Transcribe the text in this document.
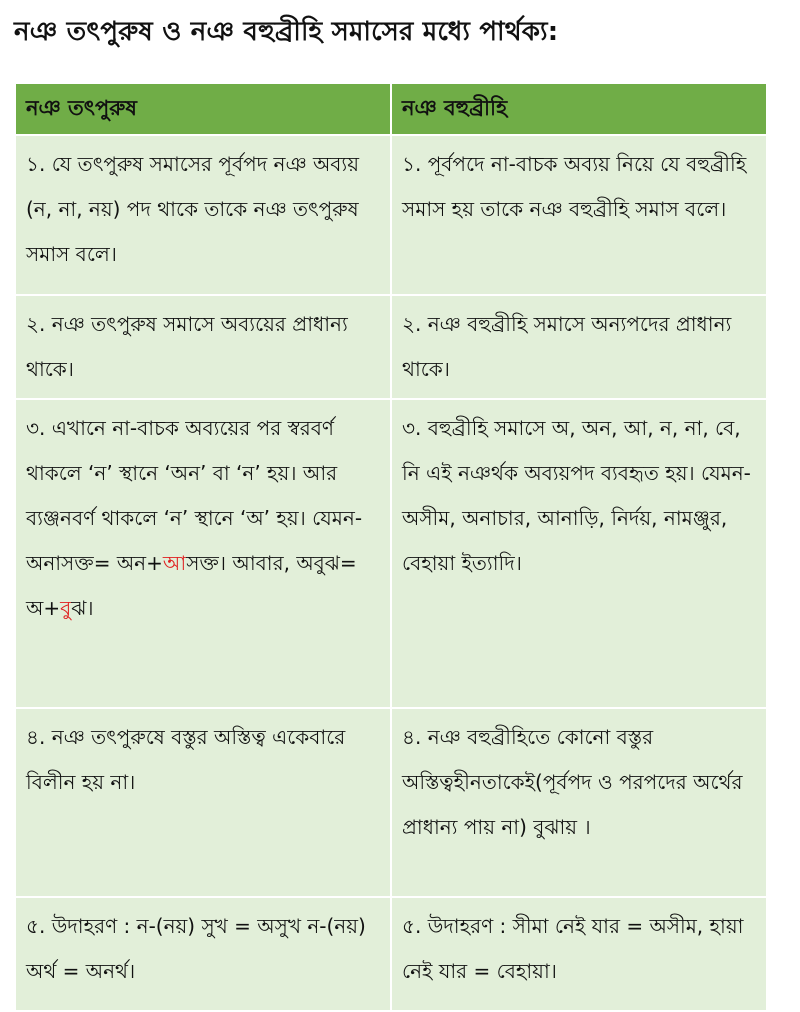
নঞ তৎপুরুষ ও নঞ বহুব্রীহি সমাসের মধ্যে পার্থক্য:
নঞ তৎপুরুষ	নঞ বহুব্রীহি
১. যে তৎপুরুষ সমাসের পূর্বপদ নঞ অব্যয় (ন, না, নয়) পদ থাকে তাকে নঞ তৎপুরুষ সমাস বলে।	১. পূর্বপদে না-বাচক অব্যয় নিয়ে যে বহুব্রীহি সমাস হয় তাকে নঞ বহুব্রীহি সমাস বলে।
২. নঞ তৎপুরুষ সমাসে অব্যয়ের প্রাধান্য থাকে।	২. নঞ বহুব্রীহি সমাসে অন্যপদের প্রাধান্য থাকে।
৩. এখানে না-বাচক অব্যয়ের পর স্বরবর্ণ থাকলে ‘ন’ স্থানে ‘অন’ বা ‘ন’ হয়। আর ব্যঞ্জনবর্ণ থাকলে ‘ন’ স্থানে ‘অ’ হয়। যেমন- অনাসক্ত= অন+আসক্ত। আবার, অবুঝ= অ+বুঝ।	৩. বহুব্রীহি সমাসে অ, অন, আ, ন, না, বে, নি এই নঞর্থক অব্যয়পদ ব্যবহৃত হয়। যেমন- অসীম, অনাচার, আনাড়ি, নির্দয়, নামঞ্জুর, বেহায়া ইত্যাদি।
৪. নঞ তৎপুরুষে বস্তুর অস্তিত্ব একেবারে বিলীন হয় না।	৪. নঞ বহুব্রীহিতে কোনো বস্তুর অস্তিত্বহীনতাকেই(পূর্বপদ ও পরপদের অর্থের প্রাধান্য পায় না) বুঝায় ।
৫. উদাহরণ : ন-(নয়) সুখ = অসুখ ন-(নয়) অর্থ = অনর্থ।	৫. উদাহরণ : সীমা নেই যার = অসীম, হায়া নেই যার = বেহায়া।
